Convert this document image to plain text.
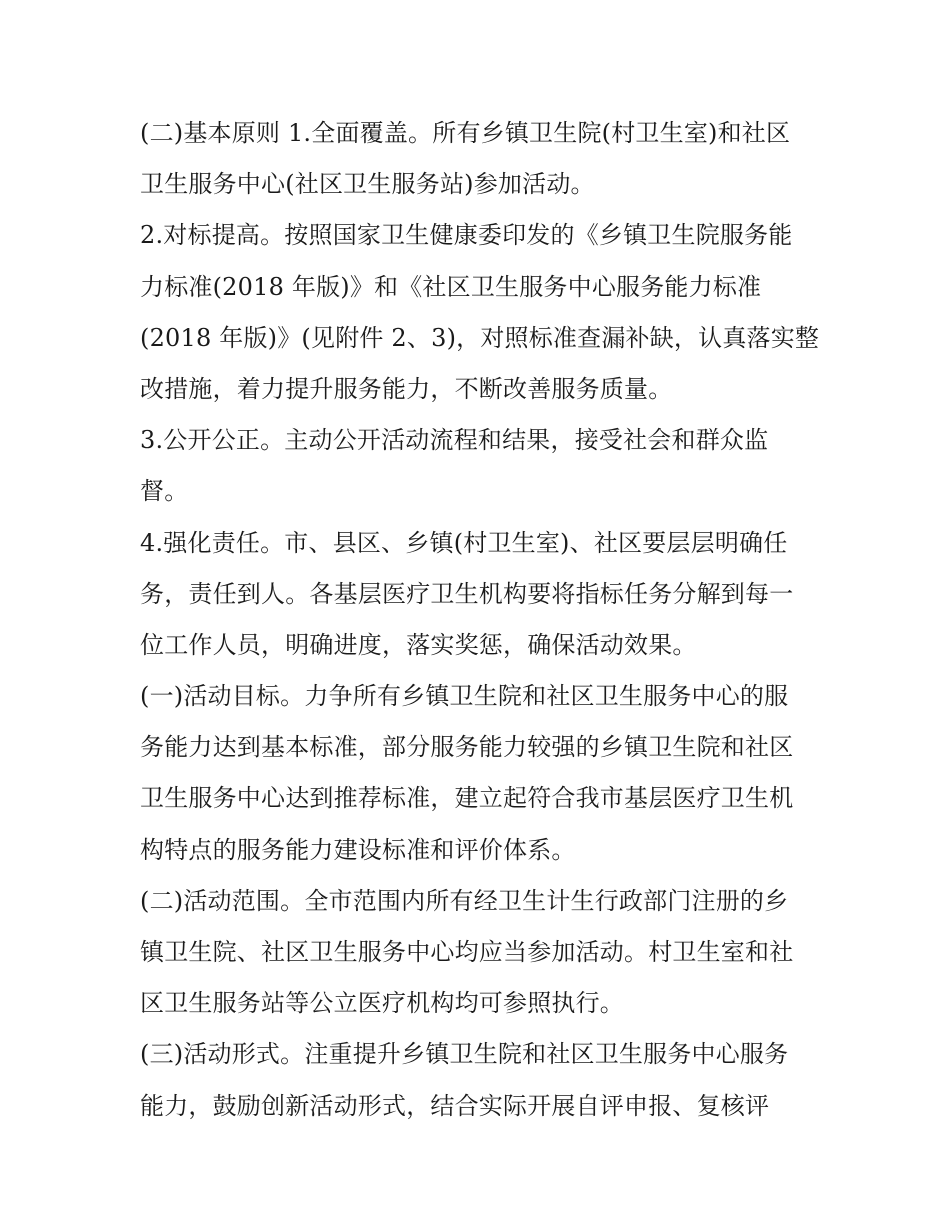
(二)基本原则 1.全面覆盖。所有乡镇卫生院(村卫生室)和社区
卫生服务中心(社区卫生服务站)参加活动。
2.对标提高。按照国家卫生健康委印发的《乡镇卫生院服务能
力标准(2018 年版)》和《社区卫生服务中心服务能力标准
(2018 年版)》(见附件 2、3)，对照标准查漏补缺，认真落实整
改措施，着力提升服务能力，不断改善服务质量。
3.公开公正。主动公开活动流程和结果，接受社会和群众监
督。
4.强化责任。市、县区、乡镇(村卫生室)、社区要层层明确任
务，责任到人。各基层医疗卫生机构要将指标任务分解到每一
位工作人员，明确进度，落实奖惩，确保活动效果。
(一)活动目标。力争所有乡镇卫生院和社区卫生服务中心的服
务能力达到基本标准，部分服务能力较强的乡镇卫生院和社区
卫生服务中心达到推荐标准，建立起符合我市基层医疗卫生机
构特点的服务能力建设标准和评价体系。
(二)活动范围。全市范围内所有经卫生计生行政部门注册的乡
镇卫生院、社区卫生服务中心均应当参加活动。村卫生室和社
区卫生服务站等公立医疗机构均可参照执行。
(三)活动形式。注重提升乡镇卫生院和社区卫生服务中心服务
能力，鼓励创新活动形式，结合实际开展自评申报、复核评
